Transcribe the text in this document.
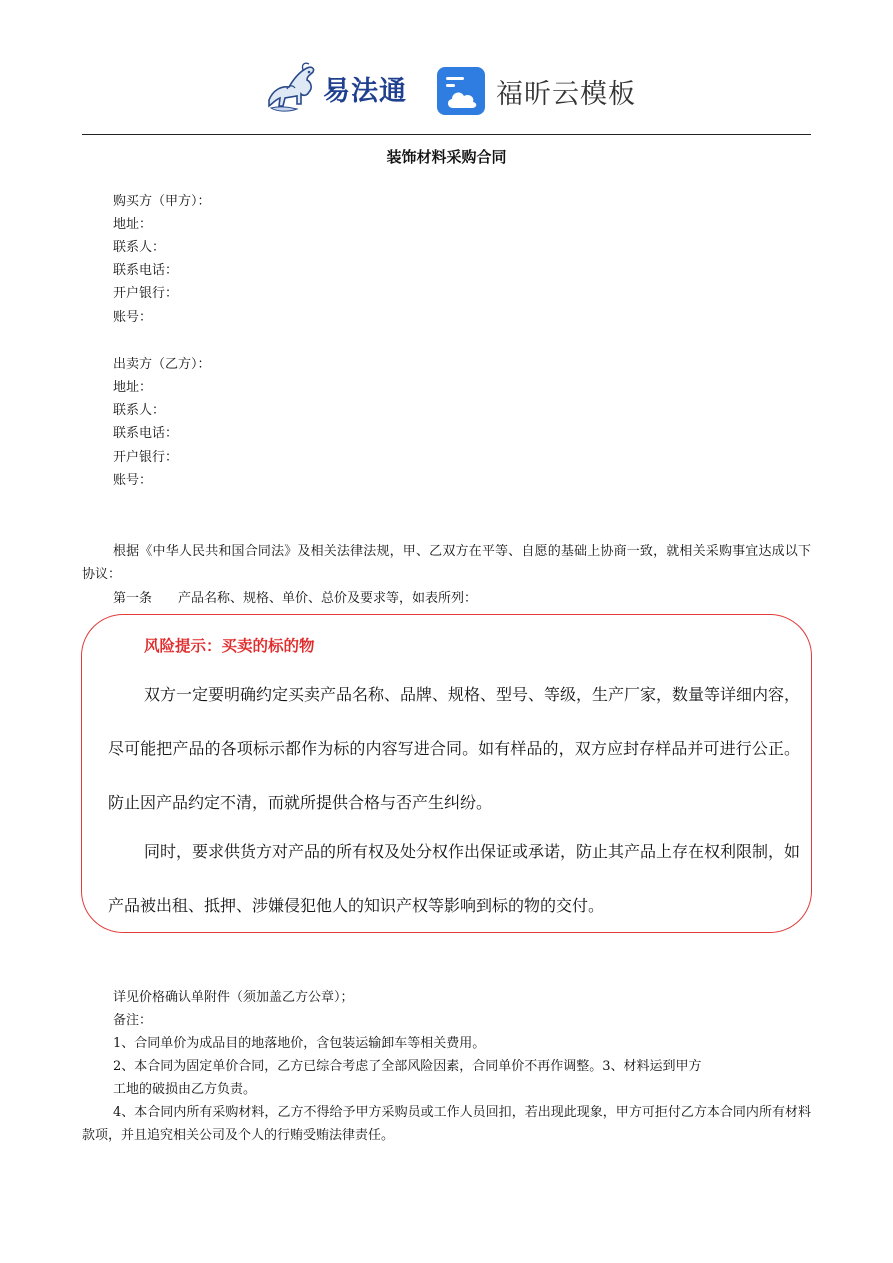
易法通	福昕云模板
装饰材料采购合同
购买方（甲方）：
地址：
联系人：
联系电话：
开户银行：
账号：
出卖方（乙方）：
地址：
联系人：
联系电话：
开户银行：
账号：
根据《中华人民共和国合同法》及相关法律法规，甲、乙双方在平等、自愿的基础上协商一致，就相关采购事宜达成以下协议：
第一条　　产品名称、规格、单价、总价及要求等，如表所列：
风险提示：买卖的标的物
双方一定要明确约定买卖产品名称、品牌、规格、型号、等级，生产厂家，数量等详细内容，尽可能把产品的各项标示都作为标的内容写进合同。如有样品的，双方应封存样品并可进行公正。防止因产品约定不清，而就所提供合格与否产生纠纷。
同时，要求供货方对产品的所有权及处分权作出保证或承诺，防止其产品上存在权利限制，如产品被出租、抵押、涉嫌侵犯他人的知识产权等影响到标的物的交付。
详见价格确认单附件（须加盖乙方公章）；
备注：
1、合同单价为成品目的地落地价，含包装运输卸车等相关费用。
2、本合同为固定单价合同，乙方已综合考虑了全部风险因素，合同单价不再作调整。3、材料运到甲方
工地的破损由乙方负责。
4、本合同内所有采购材料，乙方不得给予甲方采购员或工作人员回扣，若出现此现象，甲方可拒付乙方本合同内所有材料款项，并且追究相关公司及个人的行贿受贿法律责任。
